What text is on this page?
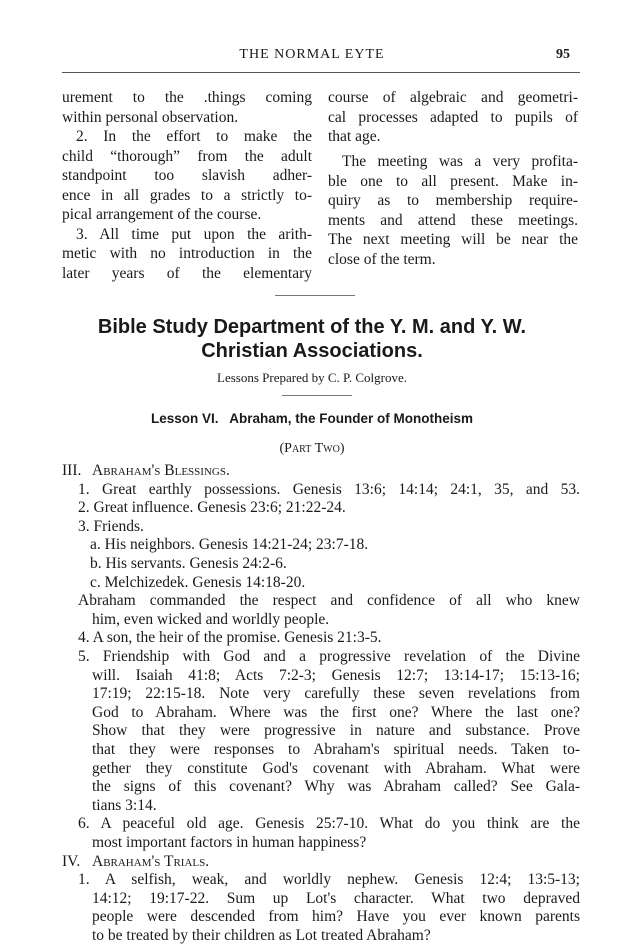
THE NORMAL EYTE	95
urement to the .things coming
within personal observation.
2. In the effort to make the
child “thorough” from the adult
standpoint too slavish adher-
ence in all grades to a strictly to-
pical arrangement of the course.
3. All time put upon the arith-
metic with no introduction in the
later years of the elementary
course of algebraic and geometri-
cal processes adapted to pupils of
that age.
The meeting was a very profita-
ble one to all present. Make in-
quiry as to membership require-
ments and attend these meetings.
The next meeting will be near the
close of the term.
Bible Study Department of the Y. M. and Y. W.
Christian Associations.
Lessons Prepared by C. P. Colgrove.
Lesson VI.   Abraham, the Founder of Monotheism
(Part Two)
III. Abraham's Blessings.
1. Great earthly possessions. Genesis 13:6; 14:14; 24:1, 35, and 53.
2. Great influence. Genesis 23:6; 21:22-24.
3. Friends.
a. His neighbors. Genesis 14:21-24; 23:7-18.
b. His servants. Genesis 24:2-6.
c. Melchizedek. Genesis 14:18-20.
Abraham commanded the respect and confidence of all who knew
him, even wicked and worldly people.
4. A son, the heir of the promise. Genesis 21:3-5.
5. Friendship with God and a progressive revelation of the Divine
will. Isaiah 41:8; Acts 7:2-3; Genesis 12:7; 13:14-17; 15:13-16;
17:19; 22:15-18. Note very carefully these seven revelations from
God to Abraham. Where was the first one? Where the last one?
Show that they were progressive in nature and substance. Prove
that they were responses to Abraham's spiritual needs. Taken to-
gether they constitute God's covenant with Abraham. What were
the signs of this covenant? Why was Abraham called? See Gala-
tians 3:14.
6. A peaceful old age. Genesis 25:7-10. What do you think are the
most important factors in human happiness?
IV. Abraham's Trials.
1. A selfish, weak, and worldly nephew. Genesis 12:4; 13:5-13;
14:12; 19:17-22. Sum up Lot's character. What two depraved
people were descended from him? Have you ever known parents
to be treated by their children as Lot treated Abraham?
